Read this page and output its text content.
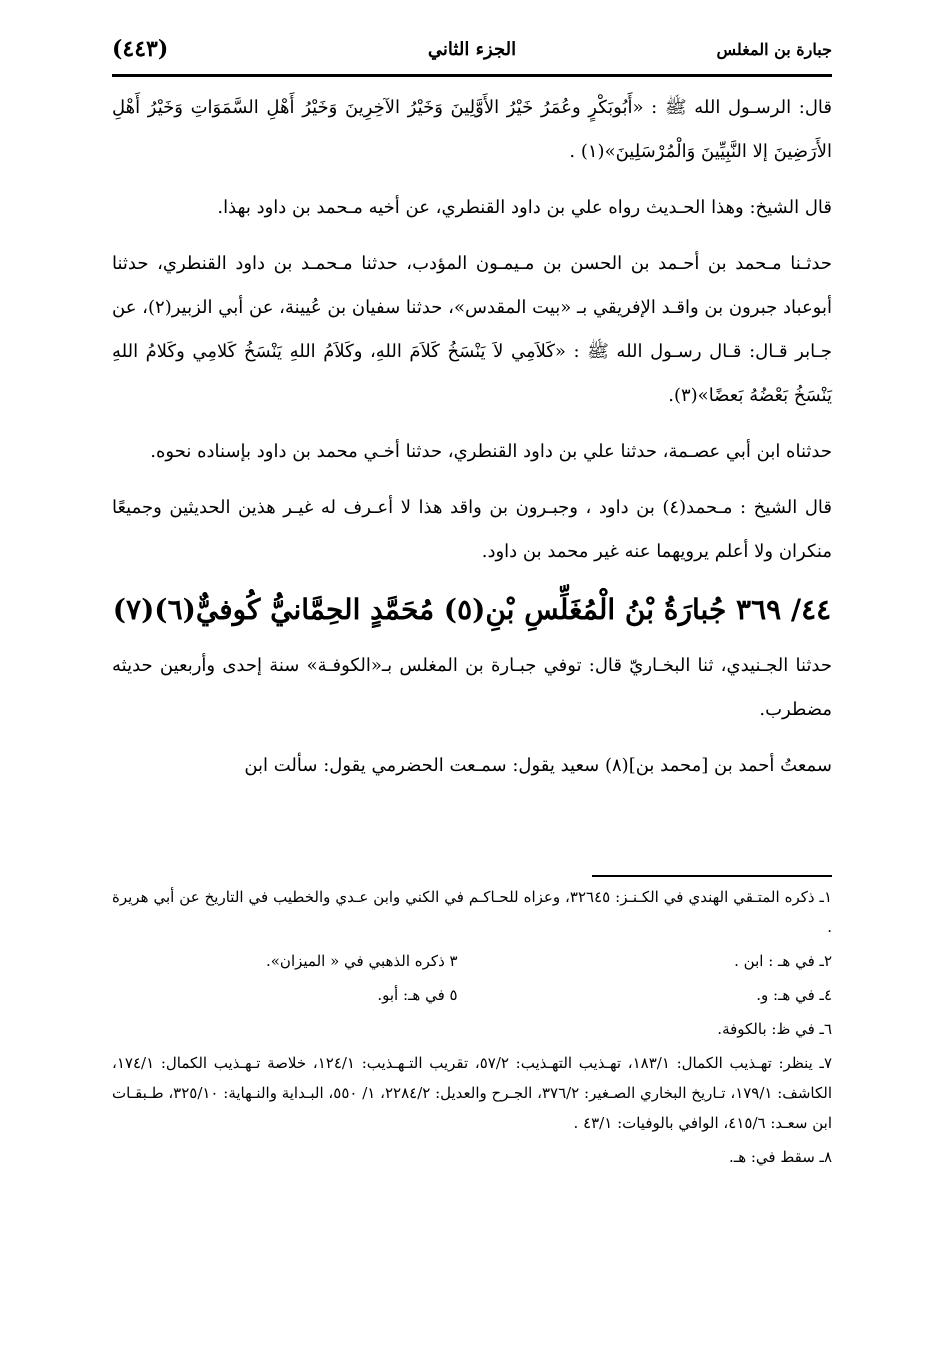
جبارة بن المغلس
الجزء الثاني
(٤٤٣)

قال: الرسـول الله ﷺ : «أَبُوبَكْرٍ وعُمَرُ خَيْرُ الأَوَّلِينَ وَخَيْرُ الآخِرِينَ وَخَيْرُ أَهْلِ السَّمَوَاتِ وَخَيْرُ أَهْلِ الأَرَضِينَ إلا النَّبِيِّينَ وَالْمُرْسَلِينَ»(١) .

قال الشيخ: وهذا الحـديث رواه علي بن داود القنطري، عن أخيه مـحمد بن داود بهذا.

حدثـنا مـحمد بن أحـمد بن الحسن بن مـيمـون المؤدب، حدثنا مـحمـد بن داود القنطري، حدثنا أبوعباد جبرون بن واقـد الإفريقي بـ «بيت المقدس»، حدثنا سفيان بن عُيينة، عن أبي الزبير(٢)، عن جـابر قـال: قـال رسـول الله ﷺ : «كَلاَمِي لاَ يَنْسَخُ كَلاَمَ اللهِ، وكَلاَمُ اللهِ يَنْسَخُ كَلامِي وكَلامُ اللهِ يَنْسَخُ بَعْضُهُ بَعضًا»(٣).

حدثناه ابن أبي عصـمة، حدثنا علي بن داود القنطري، حدثنا أخـي محمد بن داود بإسناده نحوه.

قال الشيخ : مـحمد(٤) بن داود ، وجبـرون بن واقد هذا لا أعـرف له غيـر هذين الحديثين وجميعًا منكران ولا أعلم يرويهما عنه غير محمد بن داود.

٤٤/ ٣٦٩ جُبارَةُ بْنُ الْمُغَلِّسِ بْنِ(٥) مُحَمَّدٍ الحِمَّانيُّ كُوفيٌّ(٦)(٧)

حدثنا الجـنيدي، ثنا البخـاريّ قال: توفي جبـارة بن المغلس بـ«الكوفـة» سنة إحدى وأربعين حديثه مضطرب.

سمعتُ أحمد بن [محمد بن](٨) سعيد يقول: سمـعت الحضرمي يقول: سألت ابن

١ـ ذكره المتـقي الهندي في الكـنـز: ٣٢٦٤٥، وعزاه للحـاكـم في الكني وابن عـدي والخطيب في التاريخ عن أبي هريرة .

٢ـ في هـ : ابن .
٣ ذكره الذهبي في « الميزان».
٤ـ في هـ: و.
٥ في هـ: أبو.

٦ـ في ظ: بالكوفة.

٧ـ ينظر: تهـذيب الكمال: ١٨٣/١، تهـذيب التهـذيب: ٥٧/٢، تقريب التـهـذيب: ١٢٤/١، خلاصة تـهـذيب الكمال: ١٧٤/١، الكاشف: ١٧٩/١، تـاريخ البخاري الصـغير: ٣٧٦/٢، الجـرح والعديل: ٢٢٨٤/٢، ١/ ٥٥٠، البـداية والنـهاية: ٣٢٥/١٠، طـبقـات ابن سعـد: ٤١٥/٦، الوافي بالوفيات: ٤٣/١ .

٨ـ سقط في: هـ.
